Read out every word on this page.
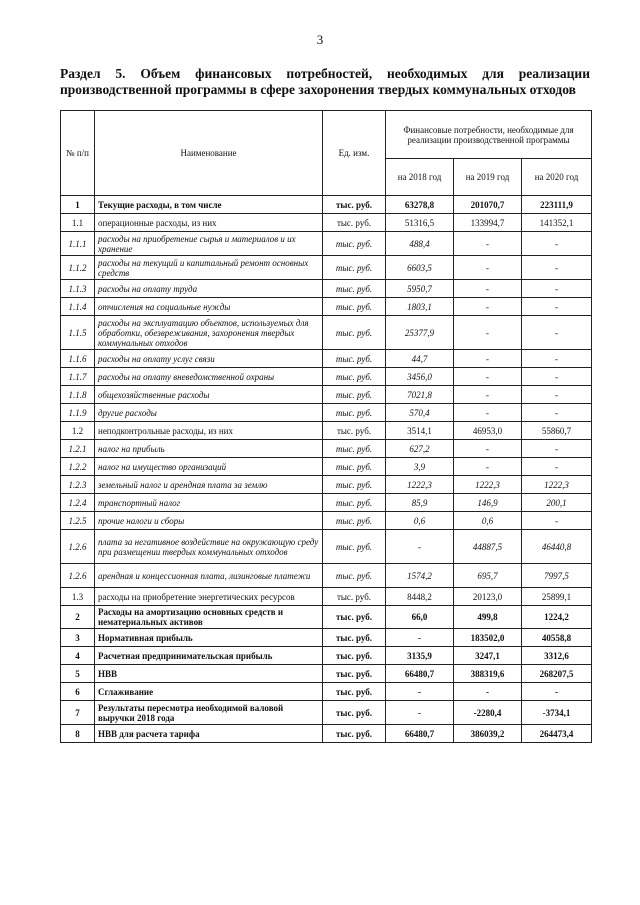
3
Раздел 5. Объем финансовых потребностей, необходимых для реализации производственной программы в сфере захоронения твердых коммунальных отходов
№ п/п	Наименование	Ед. изм.	Финансовые потребности, необходимые для реализации производственной программы		
			на 2018 год	на 2019 год	на 2020 год
1	Текущие расходы, в том числе	тыс. руб.	63278,8	201070,7	223111,9
1.1	операционные расходы, из них	тыс. руб.	51316,5	133994,7	141352,1
1.1.1	расходы на приобретение сырья и материалов и их хранение	тыс. руб.	488,4	-	-
1.1.2	расходы на текущий и капитальный ремонт основных средств	тыс. руб.	6603,5	-	-
1.1.3	расходы на оплату труда	тыс. руб.	5950,7	-	-
1.1.4	отчисления на социальные нужды	тыс. руб.	1803,1	-	-
1.1.5	расходы на эксплуатацию объектов, используемых для обработки, обезвреживания, захоронения твердых коммунальных отходов	тыс. руб.	25377,9	-	-
1.1.6	расходы на оплату услуг связи	тыс. руб.	44,7	-	-
1.1.7	расходы на оплату вневедомственной охраны	тыс. руб.	3456,0	-	-
1.1.8	общехозяйственные расходы	тыс. руб.	7021,8	-	-
1.1.9	другие расходы	тыс. руб.	570,4	-	-
1.2	неподконтрольные расходы, из них	тыс. руб.	3514,1	46953,0	55860,7
1.2.1	налог на прибыль	тыс. руб.	627,2	-	-
1.2.2	налог на имущество организаций	тыс. руб.	3,9	-	-
1.2.3	земельный налог и арендная плата за землю	тыс. руб.	1222,3	1222,3	1222,3
1.2.4	транспортный налог	тыс. руб.	85,9	146,9	200,1
1.2.5	прочие налоги и сборы	тыс. руб.	0,6	0,6	-
1.2.6	плата за негативное воздействие на окружающую среду при размещении твердых коммунальных отходов	тыс. руб.	-	44887,5	46440,8
1.2.6	арендная и концессионная плата, лизинговые платежи	тыс. руб.	1574,2	695,7	7997,5
1.3	расходы на приобретение энергетических ресурсов	тыс. руб.	8448,2	20123,0	25899,1
2	Расходы на амортизацию основных средств и нематериальных активов	тыс. руб.	66,0	499,8	1224,2
3	Нормативная прибыль	тыс. руб.	-	183502,0	40558,8
4	Расчетная предпринимательская прибыль	тыс. руб.	3135,9	3247,1	3312,6
5	НВВ	тыс. руб.	66480,7	388319,6	268207,5
6	Сглаживание	тыс. руб.	-	-	-
7	Результаты пересмотра необходимой валовой выручки 2018 года	тыс. руб.	-	-2280,4	-3734,1
8	НВВ для расчета тарифа	тыс. руб.	66480,7	386039,2	264473,4
